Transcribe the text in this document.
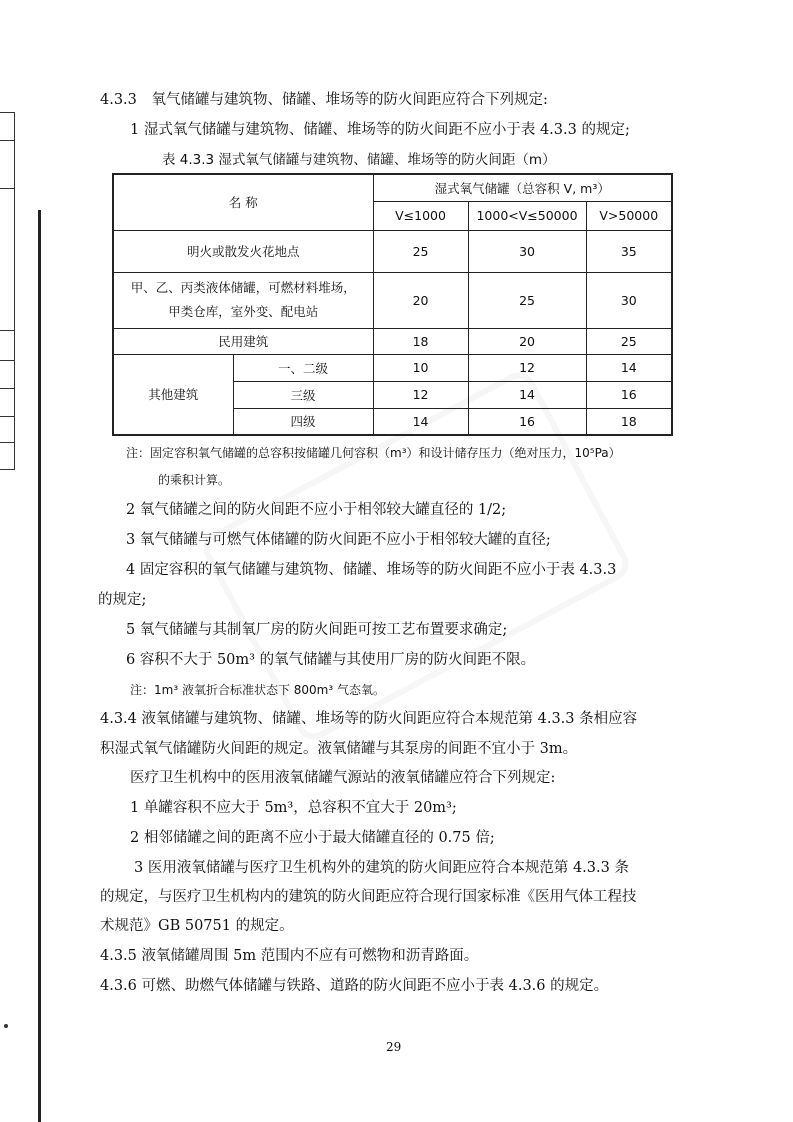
4.3.3 氧气储罐与建筑物、储罐、堆场等的防火间距应符合下列规定:
1 湿式氧气储罐与建筑物、储罐、堆场等的防火间距不应小于表 4.3.3 的规定;
表 4.3.3 湿式氧气储罐与建筑物、储罐、堆场等的防火间距（m）
名 称		湿式氧气储罐（总容积 V, m³）		
		V≤1000	1000<V≤50000	V>50000
明火或散发火花地点		25	30	35

甲、乙、丙类液体储罐，可燃材料堆场，
甲类仓库，室外变、配电站		20	25	30
民用建筑		18	20	25
其他建筑	一、二级	10	12	14
	三级	12	14	16
	四级	14	16	18
注：固定容积氧气储罐的总容积按储罐几何容积（m³）和设计储存压力（绝对压力，10⁵Pa）
的乘积计算。
2 氧气储罐之间的防火间距不应小于相邻较大罐直径的 1/2;
3 氧气储罐与可燃气体储罐的防火间距不应小于相邻较大罐的直径;
4 固定容积的氧气储罐与建筑物、储罐、堆场等的防火间距不应小于表 4.3.3
的规定;
5 氧气储罐与其制氧厂房的防火间距可按工艺布置要求确定;
6 容积不大于 50m³ 的氧气储罐与其使用厂房的防火间距不限。
注：1m³ 液氧折合标准状态下 800m³ 气态氧。
4.3.4 液氧储罐与建筑物、储罐、堆场等的防火间距应符合本规范第 4.3.3 条相应容
积湿式氧气储罐防火间距的规定。液氧储罐与其泵房的间距不宜小于 3m。
医疗卫生机构中的医用液氧储罐气源站的液氧储罐应符合下列规定:
1 单罐容积不应大于 5m³，总容积不宜大于 20m³;
2 相邻储罐之间的距离不应小于最大储罐直径的 0.75 倍;
3 医用液氧储罐与医疗卫生机构外的建筑的防火间距应符合本规范第 4.3.3 条
的规定，与医疗卫生机构内的建筑的防火间距应符合现行国家标准《医用气体工程技
术规范》GB 50751 的规定。
4.3.5 液氧储罐周围 5m 范围内不应有可燃物和沥青路面。
4.3.6 可燃、助燃气体储罐与铁路、道路的防火间距不应小于表 4.3.6 的规定。
29
